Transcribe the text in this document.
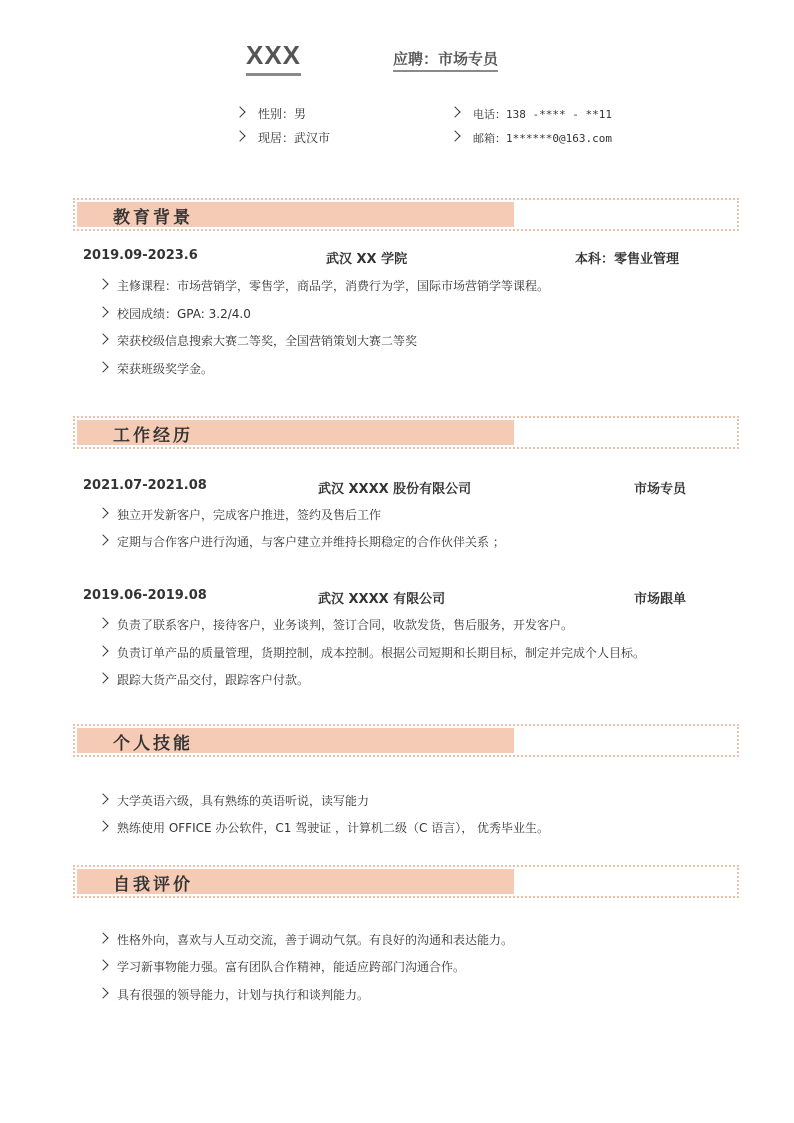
XXX	应聘：市场专员
性别：男
现居：武汉市
电话：138 -**** - **11
邮箱：1******0@163.com
教育背景
2019.09-2023.6	武汉 XX 学院	本科：零售业管理
主修课程：市场营销学，零售学，商品学，消费行为学，国际市场营销学等课程。
校园成绩：GPA: 3.2/4.0
荣获校级信息搜索大赛二等奖，全国营销策划大赛二等奖
荣获班级奖学金。
工作经历
2021.07-2021.08	武汉 XXXX 股份有限公司	市场专员
独立开发新客户，完成客户推进，签约及售后工作
定期与合作客户进行沟通，与客户建立并维持长期稳定的合作伙伴关系 ；
2019.06-2019.08	武汉 XXXX 有限公司	市场跟单
负责了联系客户，接待客户，业务谈判，签订合同，收款发货，售后服务，开发客户。
负责订单产品的质量管理，货期控制，成本控制。根据公司短期和长期目标，制定并完成个人目标。
跟踪大货产品交付，跟踪客户付款。
个人技能
大学英语六级，具有熟练的英语听说，读写能力
熟练使用 OFFICE 办公软件，C1 驾驶证 ，计算机二级（C 语言）， 优秀毕业生。
自我评价
性格外向，喜欢与人互动交流，善于调动气氛。有良好的沟通和表达能力。
学习新事物能力强。富有团队合作精神，能适应跨部门沟通合作。
具有很强的领导能力，计划与执行和谈判能力。
